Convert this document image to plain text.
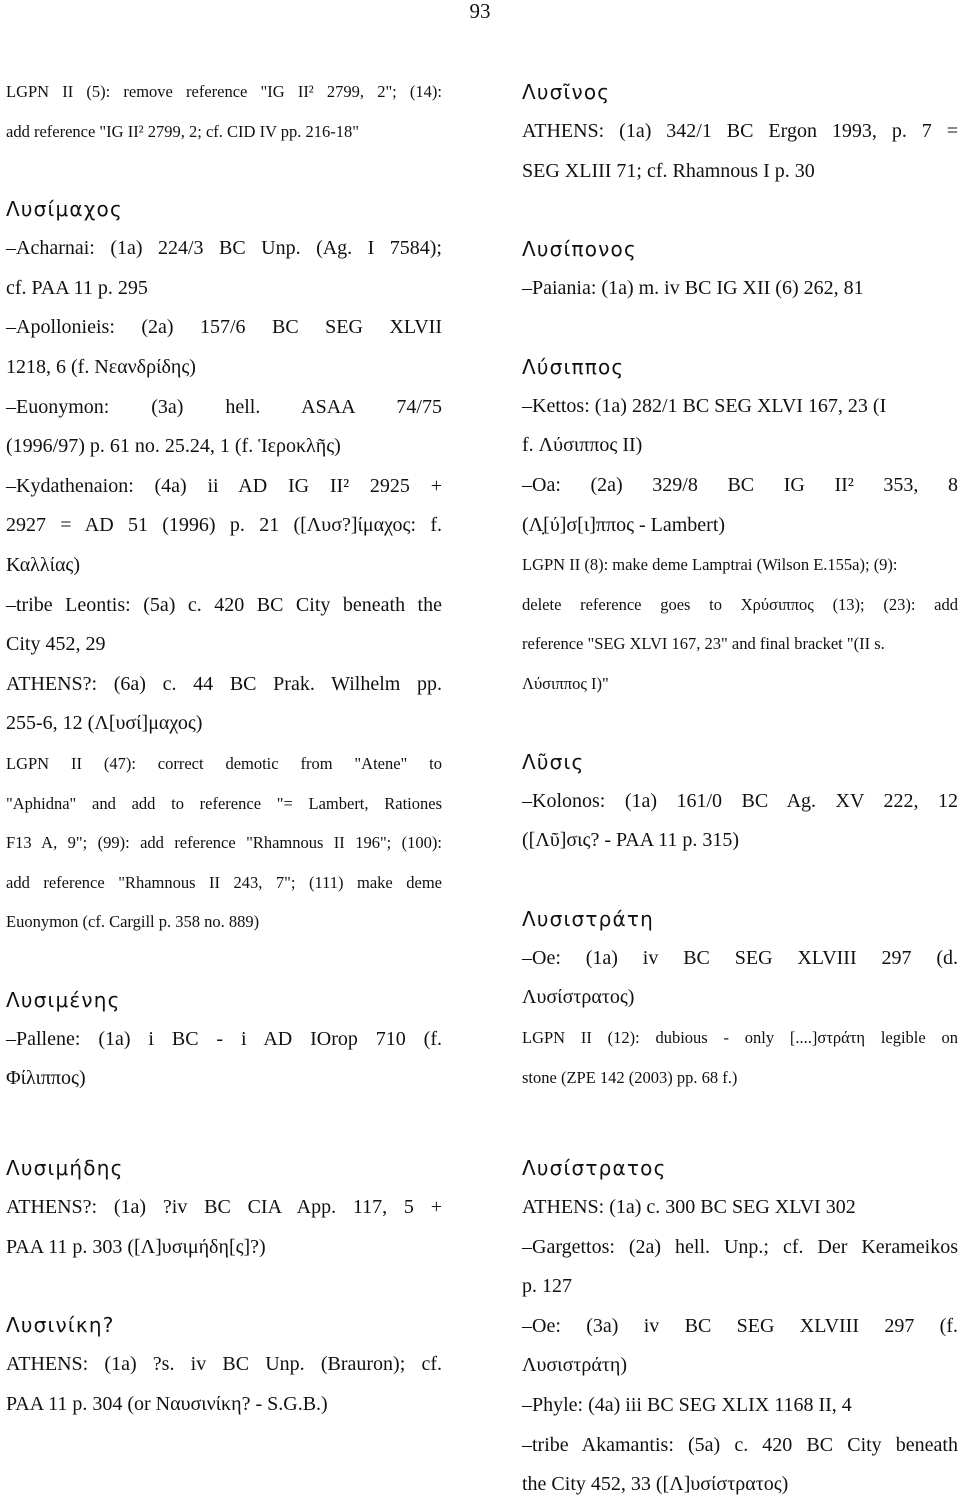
93
LGPN II (5): remove reference "IG II² 2799, 2"; (14):
add reference "IG II² 2799, 2; cf. CID IV pp. 216-18"
Λυσίμαχος
–Acharnai: (1a) 224/3 BC Unp. (Ag. I 7584);
cf. PAA 11 p. 295
–Apollonieis: (2a) 157/6 BC SEG XLVII
1218, 6 (f. Νεανδρίδης)
–Euonymon: (3a) hell. ASAA 74/75
(1996/97) p. 61 no. 25.24, 1 (f. Ἱεροκλῆς)
–Kydathenaion: (4a) ii AD IG II² 2925 +
2927 = AD 51 (1996) p. 21 ([Λυσ?]ίμαχος: f.
Καλλίας)
–tribe Leontis: (5a) c. 420 BC City beneath the
City 452, 29
ATHENS?: (6a) c. 44 BC Prak. Wilhelm pp.
255-6, 12 (Λ[υσί]μαχος)
LGPN II (47): correct demotic from "Atene" to
"Aphidna" and add to reference "= Lambert, Rationes
F13 A, 9"; (99): add reference "Rhamnous II 196"; (100):
add reference "Rhamnous II 243, 7"; (111) make deme
Euonymon (cf. Cargill p. 358 no. 889)
Λυσιμένης
–Pallene: (1a) i BC - i AD IOrop 710 (f.
Φίλιππος)
Λυσῖνος
ATHENS: (1a) 342/1 BC Ergon 1993, p. 7 =
SEG XLIII 71; cf. Rhamnous I p. 30
Λυσίπονος
–Paiania: (1a) m. iv BC IG XII (6) 262, 81
Λύσιππος
–Kettos: (1a) 282/1 BC SEG XLVI 167, 23 (I
f. Λύσιππος II)
–Oa: (2a) 329/8 BC IG II² 353, 8
(Λ̣[ύ]σ[ι]ππος - Lambert)
LGPN II (8): make deme Lamptrai (Wilson E.155a); (9):
delete reference goes to Χρύσιππος (13); (23): add
reference "SEG XLVI 167, 23" and final bracket "(II s.
Λύσιππος I)"
Λῦσις
–Kolonos: (1a) 161/0 BC Ag. XV 222, 12
([Λῦ]σις? - PAA 11 p. 315)
Λυσιστράτη
–Oe: (1a) iv BC SEG XLVIII 297 (d.
Λυσίστρατος)
LGPN II (12): dubious - only [....]στράτη legible on
stone (ZPE 142 (2003) pp. 68 f.)
Λυσιμήδης
ATHENS?: (1a) ?iv BC CIA App. 117, 5 +
PAA 11 p. 303 ([Λ]υσιμήδη[ς]?)
Λυσινίκη?
ATHENS: (1a) ?s. iv BC Unp. (Brauron); cf.
PAA 11 p. 304 (or Ναυσινίκη? - S.G.B.)
Λυσίστρατος
ATHENS: (1a) c. 300 BC SEG XLVI 302
–Gargettos: (2a) hell. Unp.; cf. Der Kerameikos
p. 127
–Oe: (3a) iv BC SEG XLVIII 297 (f.
Λυσιστράτη)
–Phyle: (4a) iii BC SEG XLIX 1168 II, 4
–tribe Akamantis: (5a) c. 420 BC City beneath
the City 452, 33 ([Λ]υσίστρατος)
